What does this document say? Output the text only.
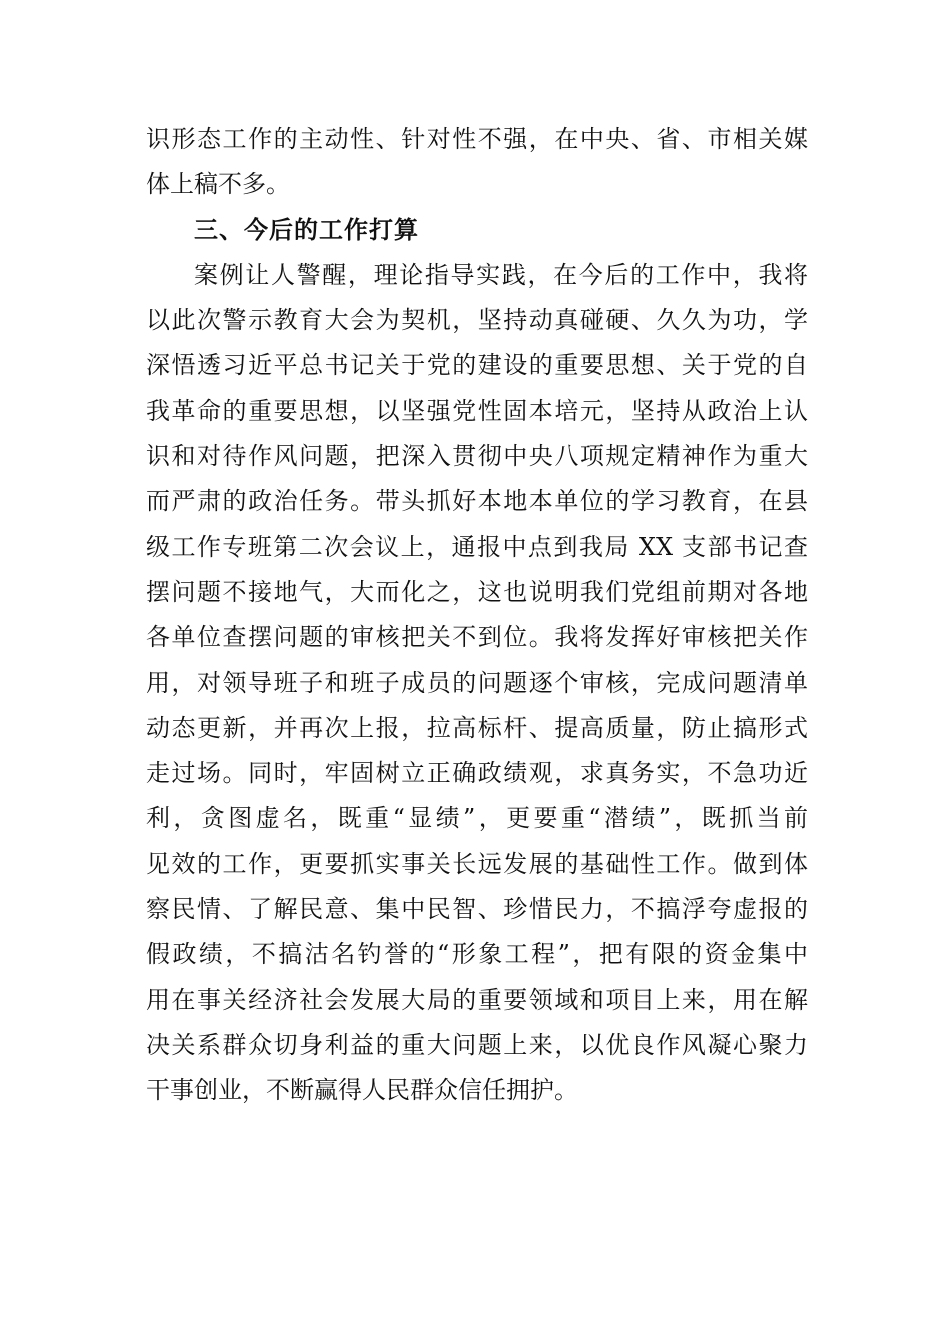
识形态工作的主动性、针对性不强，在中央、省、市相关媒
体上稿不多。
三、今后的工作打算
案例让人警醒，理论指导实践，在今后的工作中，我将
以此次警示教育大会为契机，坚持动真碰硬、久久为功，学
深悟透习近平总书记关于党的建设的重要思想、关于党的自
我革命的重要思想，以坚强党性固本培元，坚持从政治上认
识和对待作风问题，把深入贯彻中央八项规定精神作为重大
而严肃的政治任务。带头抓好本地本单位的学习教育，在县
级工作专班第二次会议上，通报中点到我局 XX 支部书记查
摆问题不接地气，大而化之，这也说明我们党组前期对各地
各单位查摆问题的审核把关不到位。我将发挥好审核把关作
用，对领导班子和班子成员的问题逐个审核，完成问题清单
动态更新，并再次上报，拉高标杆、提高质量，防止搞形式
走过场。同时，牢固树立正确政绩观，求真务实，不急功近
利，贪图虚名，既重“显绩”，更要重“潜绩”，既抓当前
见效的工作，更要抓实事关长远发展的基础性工作。做到体
察民情、了解民意、集中民智、珍惜民力，不搞浮夸虚报的
假政绩，不搞沽名钓誉的“形象工程”，把有限的资金集中
用在事关经济社会发展大局的重要领域和项目上来，用在解
决关系群众切身利益的重大问题上来，以优良作风凝心聚力
干事创业，不断赢得人民群众信任拥护。
